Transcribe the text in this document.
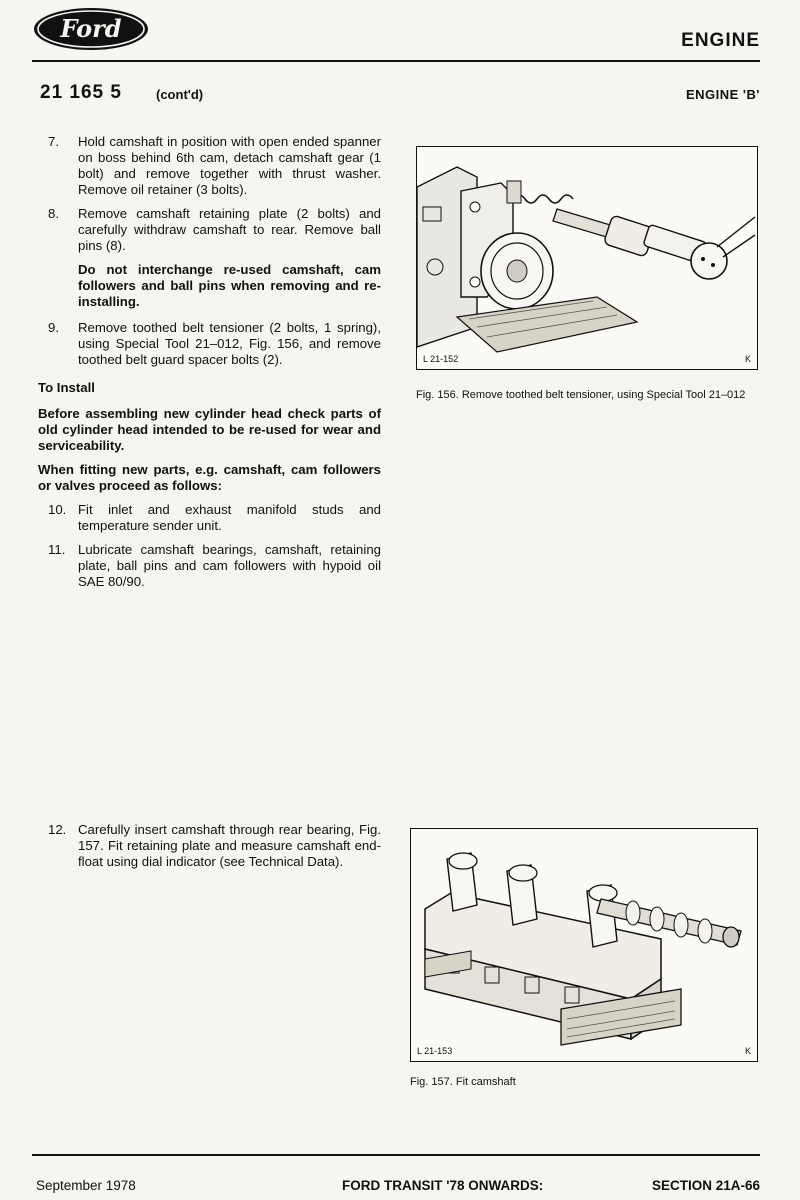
Ford	ENGINE
21 165 5	(cont'd)	ENGINE 'B'
7.	Hold camshaft in position with open ended spanner on boss behind 6th cam, detach camshaft gear (1 bolt) and remove together with thrust washer. Remove oil retainer (3 bolts).
8.	Remove camshaft retaining plate (2 bolts) and carefully withdraw camshaft to rear. Remove ball pins (8).
Do not interchange re-used camshaft, cam followers and ball pins when removing and re-installing.
9.	Remove toothed belt tensioner (2 bolts, 1 spring), using Special Tool 21–012, Fig. 156, and remove toothed belt guard spacer bolts (2).
To Install
Before assembling new cylinder head check parts of old cylinder head intended to be re-used for wear and serviceability.
When fitting new parts, e.g. camshaft, cam followers or valves proceed as follows:
10. Fit inlet and exhaust manifold studs and temperature sender unit.
11. Lubricate camshaft bearings, camshaft, retaining plate, ball pins and cam followers with hypoid oil SAE 80/90.
12. Carefully insert camshaft through rear bearing, Fig. 157. Fit retaining plate and measure camshaft end-float using dial indicator (see Technical Data).
L 21-152	K
Fig. 156. Remove toothed belt tensioner, using Special Tool 21–012
L 21-153	K
Fig. 157. Fit camshaft
September 1978	FORD TRANSIT '78 ONWARDS:	SECTION 21A-66
